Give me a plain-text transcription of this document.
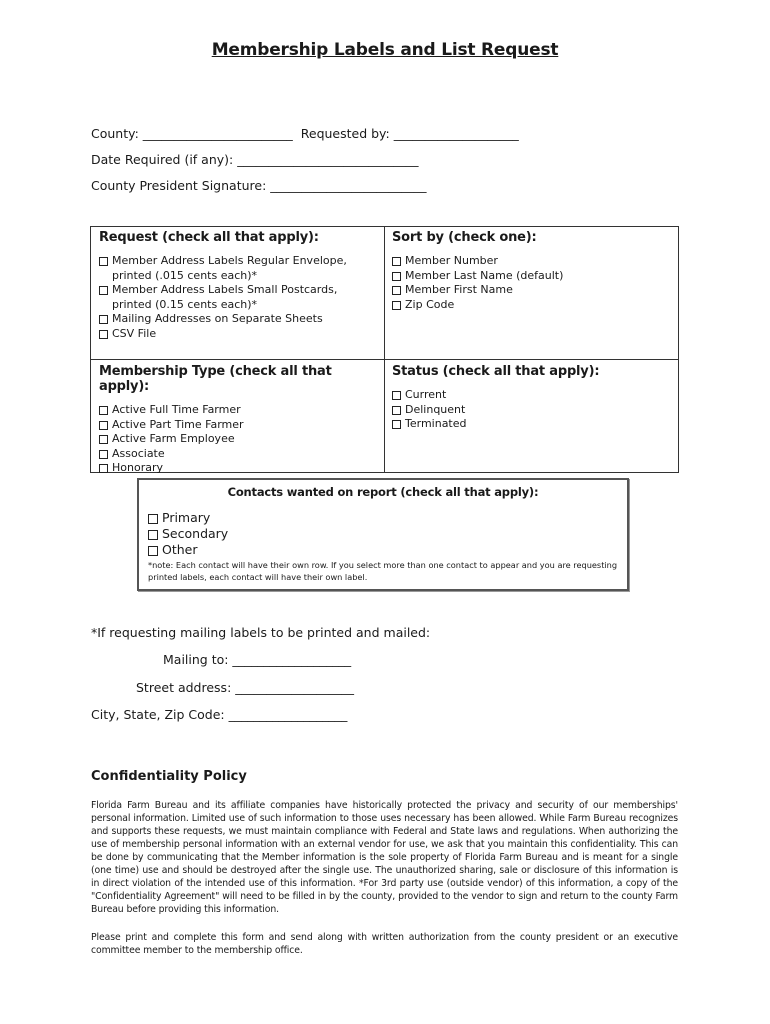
Membership Labels and List Request
County: ________________________ Requested by: ____________________
Date Required (if any): _____________________________
County President Signature: _________________________
Request (check all that apply):
Member Address Labels Regular Envelope, printed (.015 cents each)*
Member Address Labels Small Postcards, printed (0.15 cents each)*
Mailing Addresses on Separate Sheets
CSV File
Sort by (check one):
Member Number
Member Last Name (default)
Member First Name
Zip Code
Membership Type (check all that apply):
Active Full Time Farmer
Active Part Time Farmer
Active Farm Employee
Associate
Honorary
Status (check all that apply):
Current
Delinquent
Terminated
Contacts wanted on report (check all that apply):
Primary
Secondary
Other
*note: Each contact will have their own row. If you select more than one contact to appear and you are requesting printed labels, each contact will have their own label.
*If requesting mailing labels to be printed and mailed:
Mailing to: ___________________
Street address: ___________________
City, State, Zip Code: ___________________
Confidentiality Policy
Florida Farm Bureau and its affiliate companies have historically protected the privacy and security of our memberships' personal information. Limited use of such information to those uses necessary has been allowed. While Farm Bureau recognizes and supports these requests, we must maintain compliance with Federal and State laws and regulations. When authorizing the use of membership personal information with an external vendor for use, we ask that you maintain this confidentiality. This can be done by communicating that the Member information is the sole property of Florida Farm Bureau and is meant for a single (one time) use and should be destroyed after the single use. The unauthorized sharing, sale or disclosure of this information is in direct violation of the intended use of this information. *For 3rd party use (outside vendor) of this information, a copy of the "Confidentiality Agreement" will need to be filled in by the county, provided to the vendor to sign and return to the county Farm Bureau before providing this information.
Please print and complete this form and send along with written authorization from the county president or an executive committee member to the membership office.
